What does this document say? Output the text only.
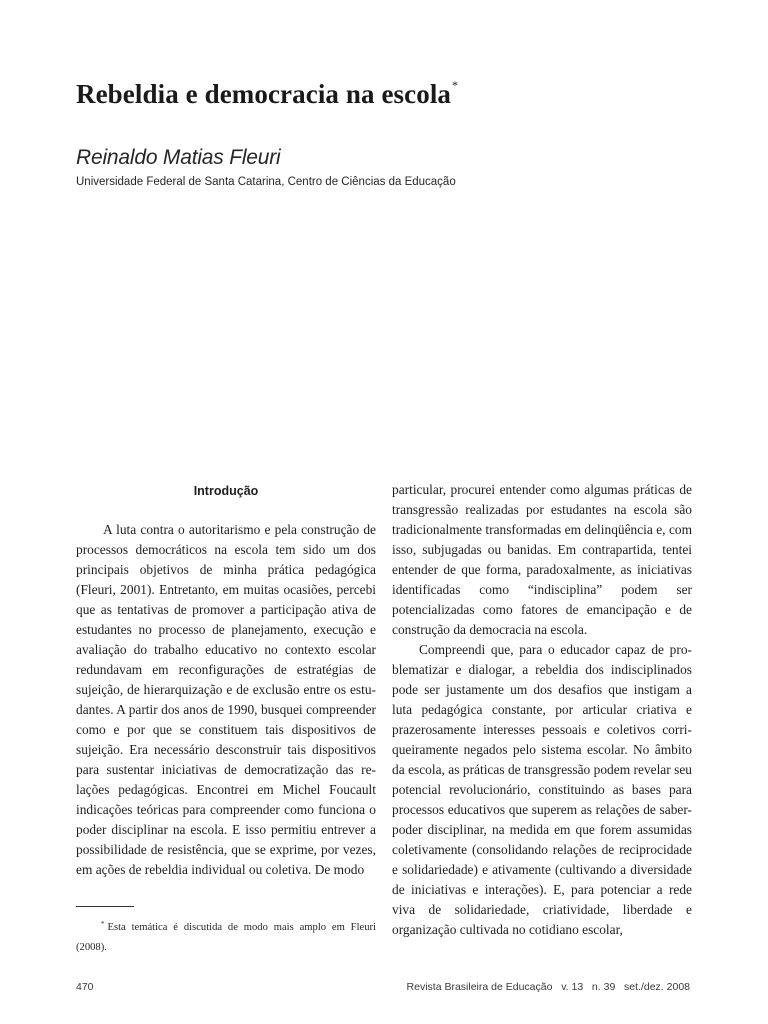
Rebeldia e democracia na escola*

Reinaldo Matias Fleuri

Universidade Federal de Santa Catarina, Centro de Ciências da Educação

Introdução

A luta contra o autoritarismo e pela construção de processos democráticos na escola tem sido um dos principais objetivos de minha prática pedagógica (Fleuri, 2001). Entretanto, em muitas ocasiões, percebi que as tentativas de promover a participação ativa de estudantes no processo de planejamento, execução e avaliação do trabalho educativo no contexto escolar redundavam em reconfigurações de estratégias de sujeição, de hierarquização e de exclusão entre os estudantes. A partir dos anos de 1990, busquei compreender como e por que se constituem tais dispositivos de sujeição. Era necessário desconstruir tais dispositivos para sustentar iniciativas de democratização das relações pedagógicas. Encontrei em Michel Foucault indicações teóricas para compreender como funciona o poder disciplinar na escola. E isso permitiu entrever a possibilidade de resistência, que se exprime, por vezes, em ações de rebeldia individual ou coletiva. De modo

particular, procurei entender como algumas práticas de transgressão realizadas por estudantes na escola são tradicionalmente transformadas em delinqüência e, com isso, subjugadas ou banidas. Em contrapartida, tentei entender de que forma, paradoxalmente, as iniciativas identificadas como “indisciplina” podem ser potencializadas como fatores de emancipação e de construção da democracia na escola.

Compreendi que, para o educador capaz de problematizar e dialogar, a rebeldia dos indisciplinados pode ser justamente um dos desafios que instigam a luta pedagógica constante, por articular criativa e prazerosamente interesses pessoais e coletivos corriqueiramente negados pelo sistema escolar. No âmbito da escola, as práticas de transgressão podem revelar seu potencial revolucionário, constituindo as bases para processos educativos que superem as relações de saber-poder disciplinar, na medida em que forem assumidas coletivamente (consolidando relações de reciprocidade e solidariedade) e ativamente (cultivando a diversidade de iniciativas e interações). E, para potenciar a rede viva de solidariedade, criatividade, liberdade e organização cultivada no cotidiano escolar,

* Esta temática é discutida de modo mais amplo em Fleuri (2008).
470	Revista Brasileira de Educação   v. 13   n. 39   set./dez. 2008
